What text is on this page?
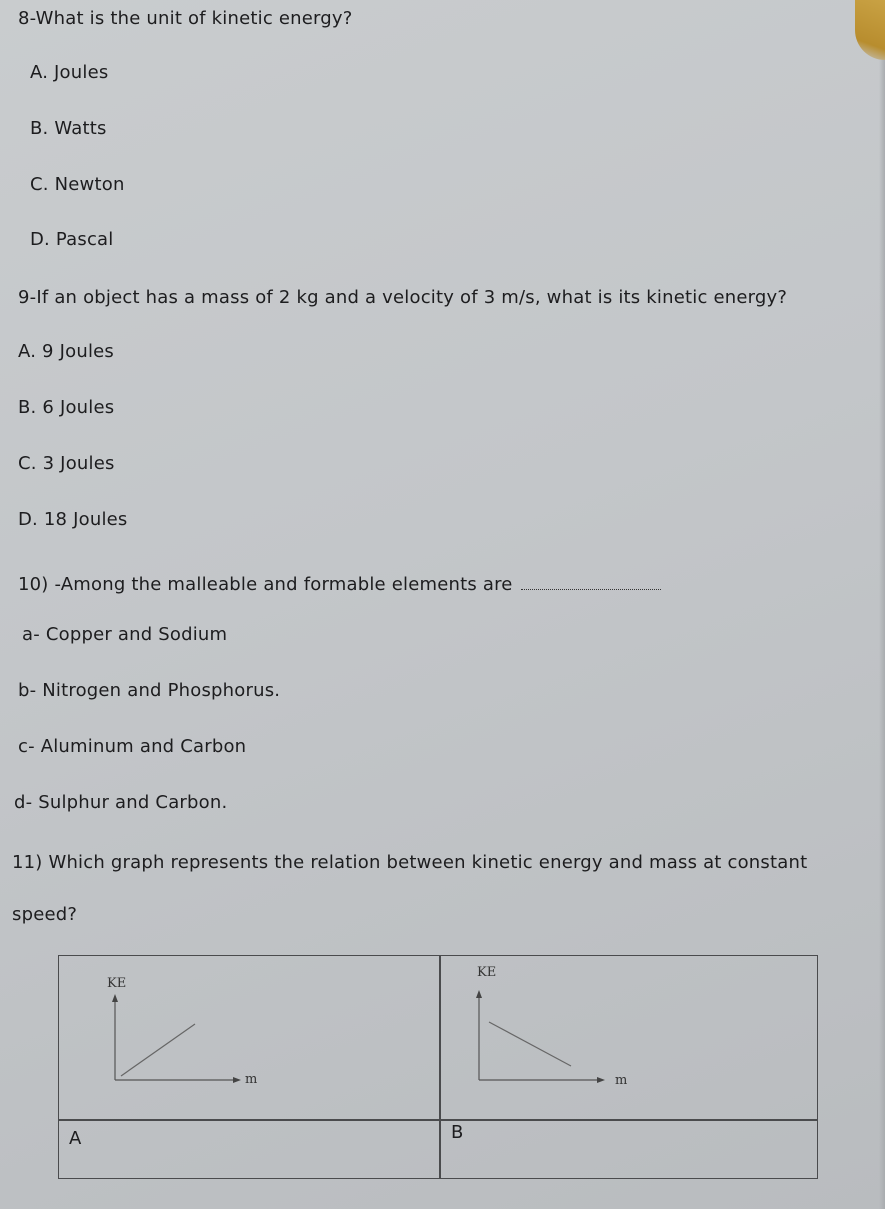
8-What is the unit of kinetic energy?
A. Joules
B. Watts
C. Newton
D. Pascal
9-If an object has a mass of 2 kg and a velocity of 3 m/s, what is its kinetic energy?
A. 9 Joules
B. 6 Joules
C. 3 Joules
D. 18 Joules
10) -Among the malleable and formable elements are
a- Copper and Sodium
b- Nitrogen and Phosphorus.
c- Aluminum and Carbon
d- Sulphur and Carbon.
11) Which graph represents the relation between kinetic energy and mass at constant
speed?
KE
m
KE
m
A	B
